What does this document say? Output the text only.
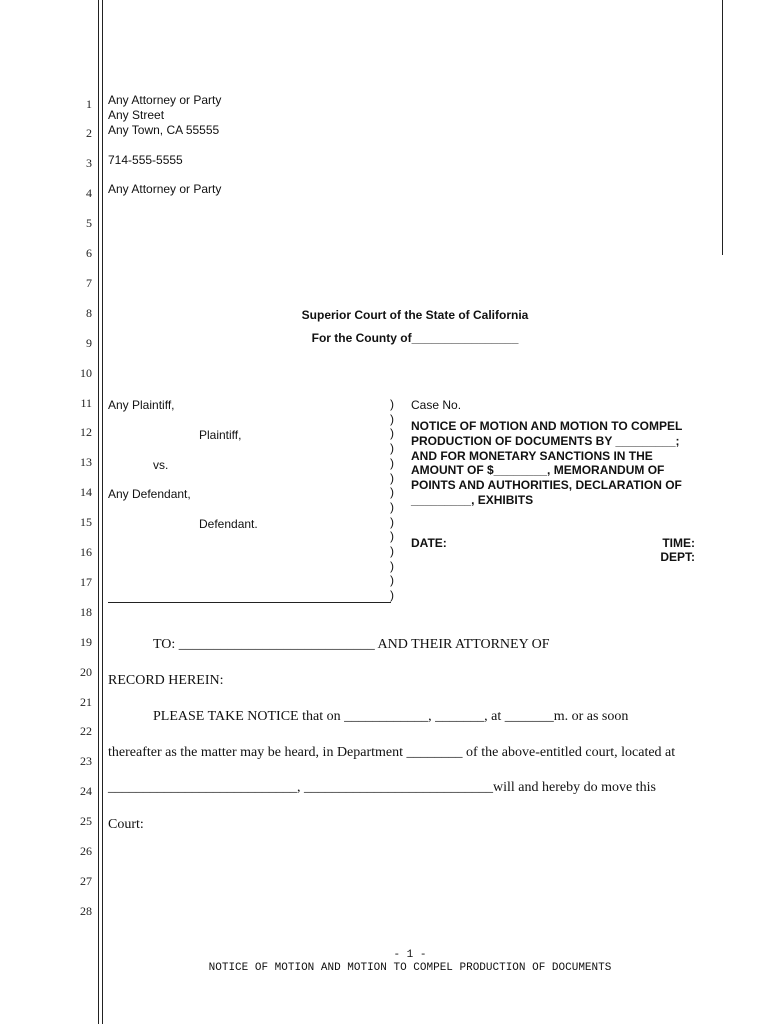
1
2
3
4
5
6
7
8
9
10
11
12
13
14
15
16
17
18
19
20
21
22
23
24
25
26
27
28
Any Attorney or Party
Any Street
Any Town, CA 55555
714-555-5555
Any Attorney or Party
Superior Court of the State of California
For the County of________________
Any Plaintiff,
Plaintiff,
vs.
Any Defendant,
Defendant.
)
)
)
)
)
)
)
)
)
)
)
)
)
)
Case No.
NOTICE OF MOTION AND MOTION TO COMPEL PRODUCTION OF DOCUMENTS BY _________; AND FOR MONETARY SANCTIONS IN THE AMOUNT OF $________, MEMORANDUM OF POINTS AND AUTHORITIES, DECLARATION OF _________, EXHIBITS
DATE:	TIME:
DEPT:
TO: ____________________________ AND THEIR ATTORNEY OF
RECORD HEREIN:
PLEASE TAKE NOTICE that on ____________, _______, at _______m. or as soon
thereafter as the matter may be heard, in Department ________ of the above-entitled court, located at
___________________________, ___________________________will and hereby do move this
Court:
- 1 -
NOTICE OF MOTION AND MOTION TO COMPEL PRODUCTION OF DOCUMENTS
